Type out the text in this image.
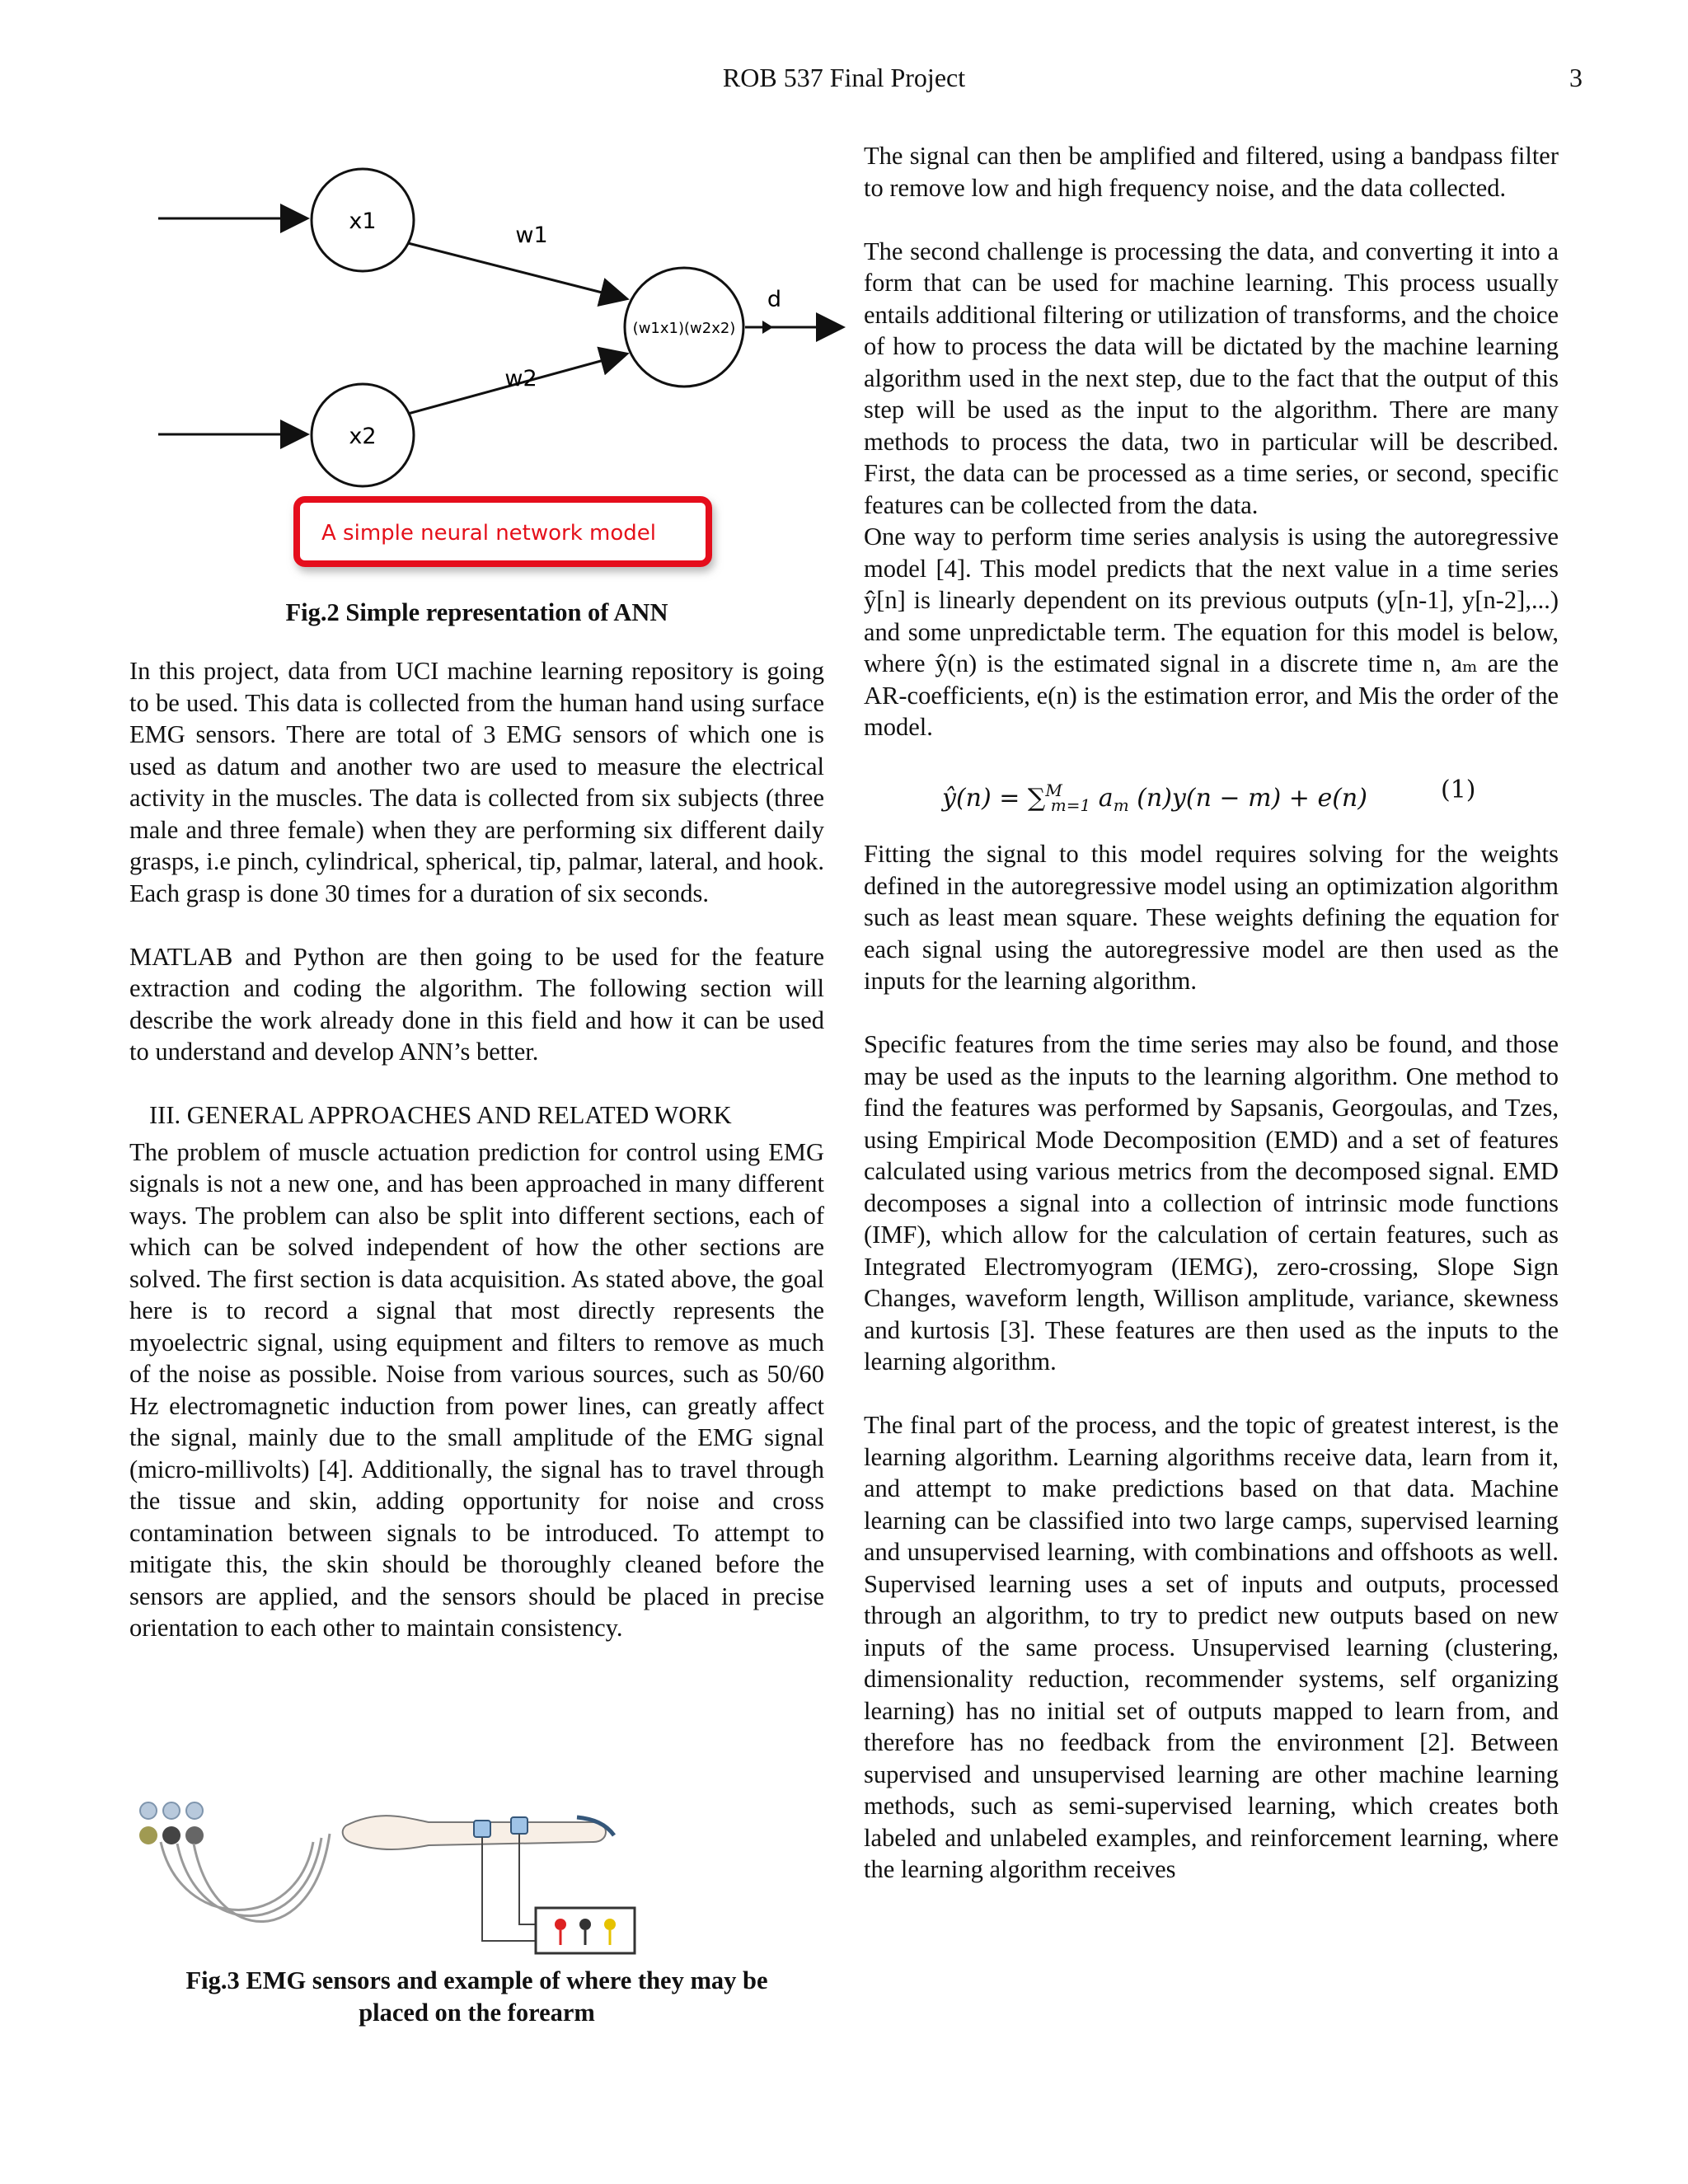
ROB 537 Final Project	3
x1
x2
(w1x1)(w2x2)
w1
w2
d
A simple neural network model
Fig.2 Simple representation of ANN

In this project, data from UCI machine learning repository is going to be used. This data is collected from the human hand using surface EMG sensors. There are total of 3 EMG sensors of which one is used as datum and another two are used to measure the electrical activity in the muscles. The data is collected from six subjects (three male and three female) when they are performing six different daily grasps, i.e pinch, cylindrical, spherical, tip, palmar, lateral, and hook. Each grasp is done 30 times for a duration of six seconds.

MATLAB and Python are then going to be used for the feature extraction and coding the algorithm. The following section will describe the work already done in this field and how it can be used to understand and develop ANN’s better.

III. GENERAL APPROACHES AND RELATED WORK

The problem of muscle actuation prediction for control using EMG signals is not a new one, and has been approached in many different ways. The problem can also be split into different sections, each of which can be solved independent of how the other sections are solved. The first section is data acquisition. As stated above, the goal here is to record a signal that most directly represents the myoelectric signal, using equipment and filters to remove as much of the noise as possible. Noise from various sources, such as 50/60 Hz electromagnetic induction from power lines, can greatly affect the signal, mainly due to the small amplitude of the EMG signal (micro-millivolts) [4]. Additionally, the signal has to travel through the tissue and skin, adding opportunity for noise and cross contamination between signals to be introduced. To attempt to mitigate this, the skin should be thoroughly cleaned before the sensors are applied, and the sensors should be placed in precise orientation to each other to maintain consistency.

Fig.3 EMG sensors and example of where they may be
placed on the forearm

The signal can then be amplified and filtered, using a bandpass filter to remove low and high frequency noise, and the data collected.

The second challenge is processing the data, and converting it into a form that can be used for machine learning. This process usually entails additional filtering or utilization of transforms, and the choice of how to process the data will be dictated by the machine learning algorithm used in the next step, due to the fact that the output of this step will be used as the input to the algorithm. There are many methods to process the data, two in particular will be described. First, the data can be processed as a time series, or second, specific features can be collected from the data.

One way to perform time series analysis is using the autoregressive model [4]. This model predicts that the next value in a time series ŷ[n] is linearly dependent on its previous outputs (y[n-1], y[n-2],...) and some unpredictable term. The equation for this model is below, where ŷ(n) is the estimated signal in a discrete time n, aₘ are the AR-coefficients, e(n) is the estimation error, and Mis the order of the model.

ŷ(n) = ∑$^M_{m=1}$ $a_m$ (n)y(n − m) + e(n)	(1)

Fitting the signal to this model requires solving for the weights defined in the autoregressive model using an optimization algorithm such as least mean square. These weights defining the equation for each signal using the autoregressive model are then used as the inputs for the learning algorithm.

Specific features from the time series may also be found, and those may be used as the inputs to the learning algorithm. One method to find the features was performed by Sapsanis, Georgoulas, and Tzes, using Empirical Mode Decomposition (EMD) and a set of features calculated using various metrics from the decomposed signal. EMD decomposes a signal into a collection of intrinsic mode functions (IMF), which allow for the calculation of certain features, such as Integrated Electromyogram (IEMG), zero-crossing, Slope Sign Changes, waveform length, Willison amplitude, variance, skewness and kurtosis [3]. These features are then used as the inputs to the learning algorithm.

The final part of the process, and the topic of greatest interest, is the learning algorithm. Learning algorithms receive data, learn from it, and attempt to make predictions based on that data. Machine learning can be classified into two large camps, supervised learning and unsupervised learning, with combinations and offshoots as well. Supervised learning uses a set of inputs and outputs, processed through an algorithm, to try to predict new outputs based on new inputs of the same process. Unsupervised learning (clustering, dimensionality reduction, recommender systems, self organizing learning) has no initial set of outputs mapped to learn from, and therefore has no feedback from the environment [2]. Between supervised and unsupervised learning are other machine learning methods, such as semi-supervised learning, which creates both labeled and unlabeled examples, and reinforcement learning, where the learning algorithm receives
